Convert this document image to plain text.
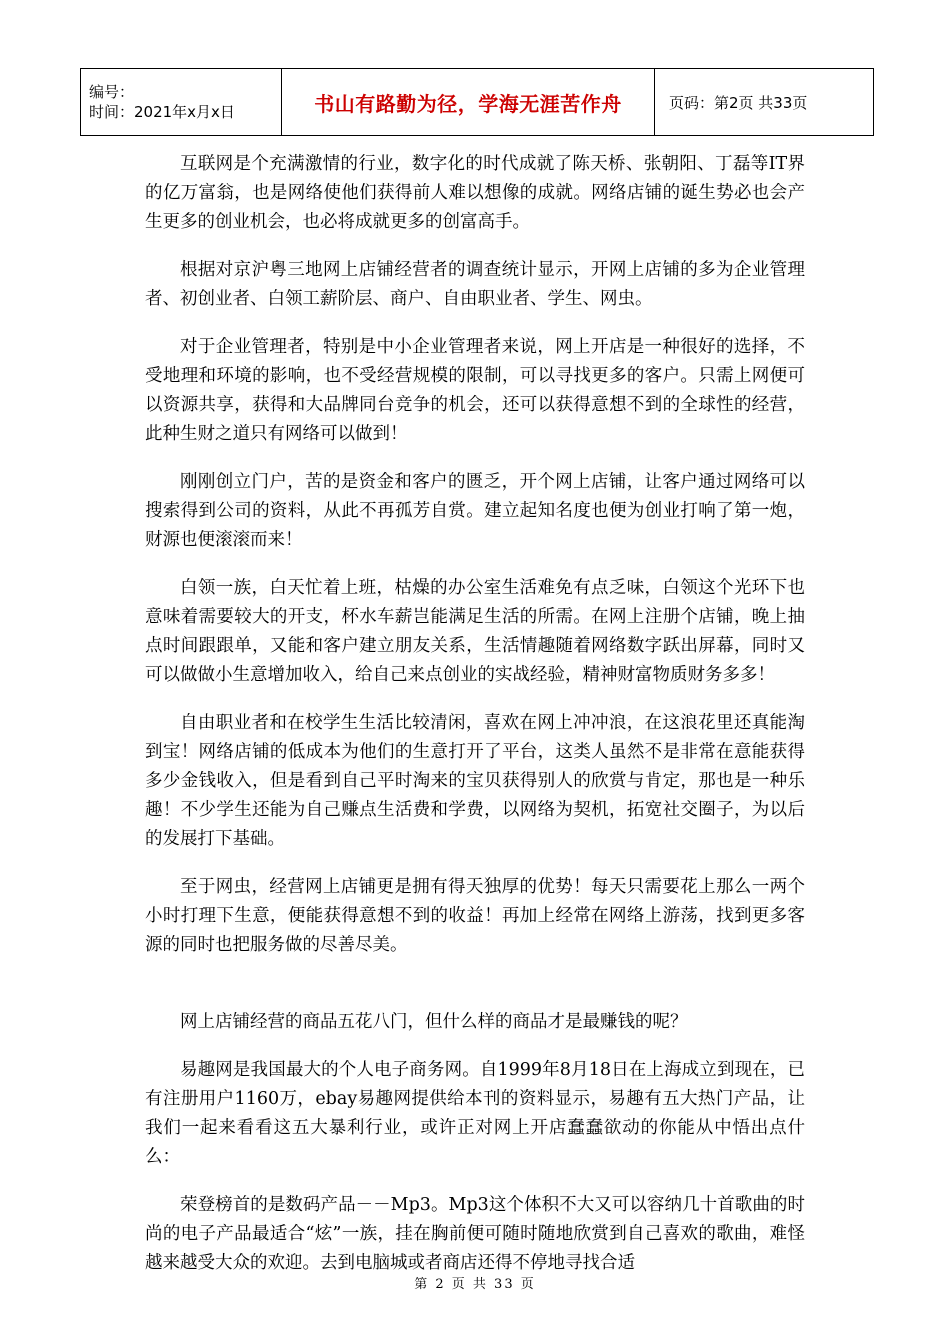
编号：
时间：2021年x月x日	书山有路勤为径，学海无涯苦作舟	页码：第2页 共33页

互联网是个充满激情的行业，数字化的时代成就了陈天桥、张朝阳、丁磊等IT界的亿万富翁，也是网络使他们获得前人难以想像的成就。网络店铺的诞生势必也会产生更多的创业机会，也必将成就更多的创富高手。

根据对京沪粤三地网上店铺经营者的调查统计显示，开网上店铺的多为企业管理者、初创业者、白领工薪阶层、商户、自由职业者、学生、网虫。

对于企业管理者，特别是中小企业管理者来说，网上开店是一种很好的选择，不受地理和环境的影响，也不受经营规模的限制，可以寻找更多的客户。只需上网便可以资源共享，获得和大品牌同台竞争的机会，还可以获得意想不到的全球性的经营，此种生财之道只有网络可以做到！

刚刚创立门户，苦的是资金和客户的匮乏，开个网上店铺，让客户通过网络可以搜索得到公司的资料，从此不再孤芳自赏。建立起知名度也便为创业打响了第一炮，财源也便滚滚而来！

白领一族，白天忙着上班，枯燥的办公室生活难免有点乏味，白领这个光环下也意味着需要较大的开支，杯水车薪岂能满足生活的所需。在网上注册个店铺，晚上抽点时间跟跟单，又能和客户建立朋友关系，生活情趣随着网络数字跃出屏幕，同时又可以做做小生意增加收入，给自己来点创业的实战经验，精神财富物质财务多多！

自由职业者和在校学生生活比较清闲，喜欢在网上冲冲浪，在这浪花里还真能淘到宝！网络店铺的低成本为他们的生意打开了平台，这类人虽然不是非常在意能获得多少金钱收入，但是看到自己平时淘来的宝贝获得别人的欣赏与肯定，那也是一种乐趣！不少学生还能为自己赚点生活费和学费，以网络为契机，拓宽社交圈子，为以后的发展打下基础。

至于网虫，经营网上店铺更是拥有得天独厚的优势！每天只需要花上那么一两个小时打理下生意，便能获得意想不到的收益！再加上经常在网络上游荡，找到更多客源的同时也把服务做的尽善尽美。

网上店铺经营的商品五花八门，但什么样的商品才是最赚钱的呢？

易趣网是我国最大的个人电子商务网。自1999年8月18日在上海成立到现在，已有注册用户1160万，ebay易趣网提供给本刊的资料显示，易趣有五大热门产品，让我们一起来看看这五大暴利行业，或许正对网上开店蠢蠢欲动的你能从中悟出点什么：

荣登榜首的是数码产品－－Mp3。Mp3这个体积不大又可以容纳几十首歌曲的时尚的电子产品最适合“炫”一族，挂在胸前便可随时随地欣赏到自己喜欢的歌曲，难怪越来越受大众的欢迎。去到电脑城或者商店还得不停地寻找合适

第 2 页 共 33 页
